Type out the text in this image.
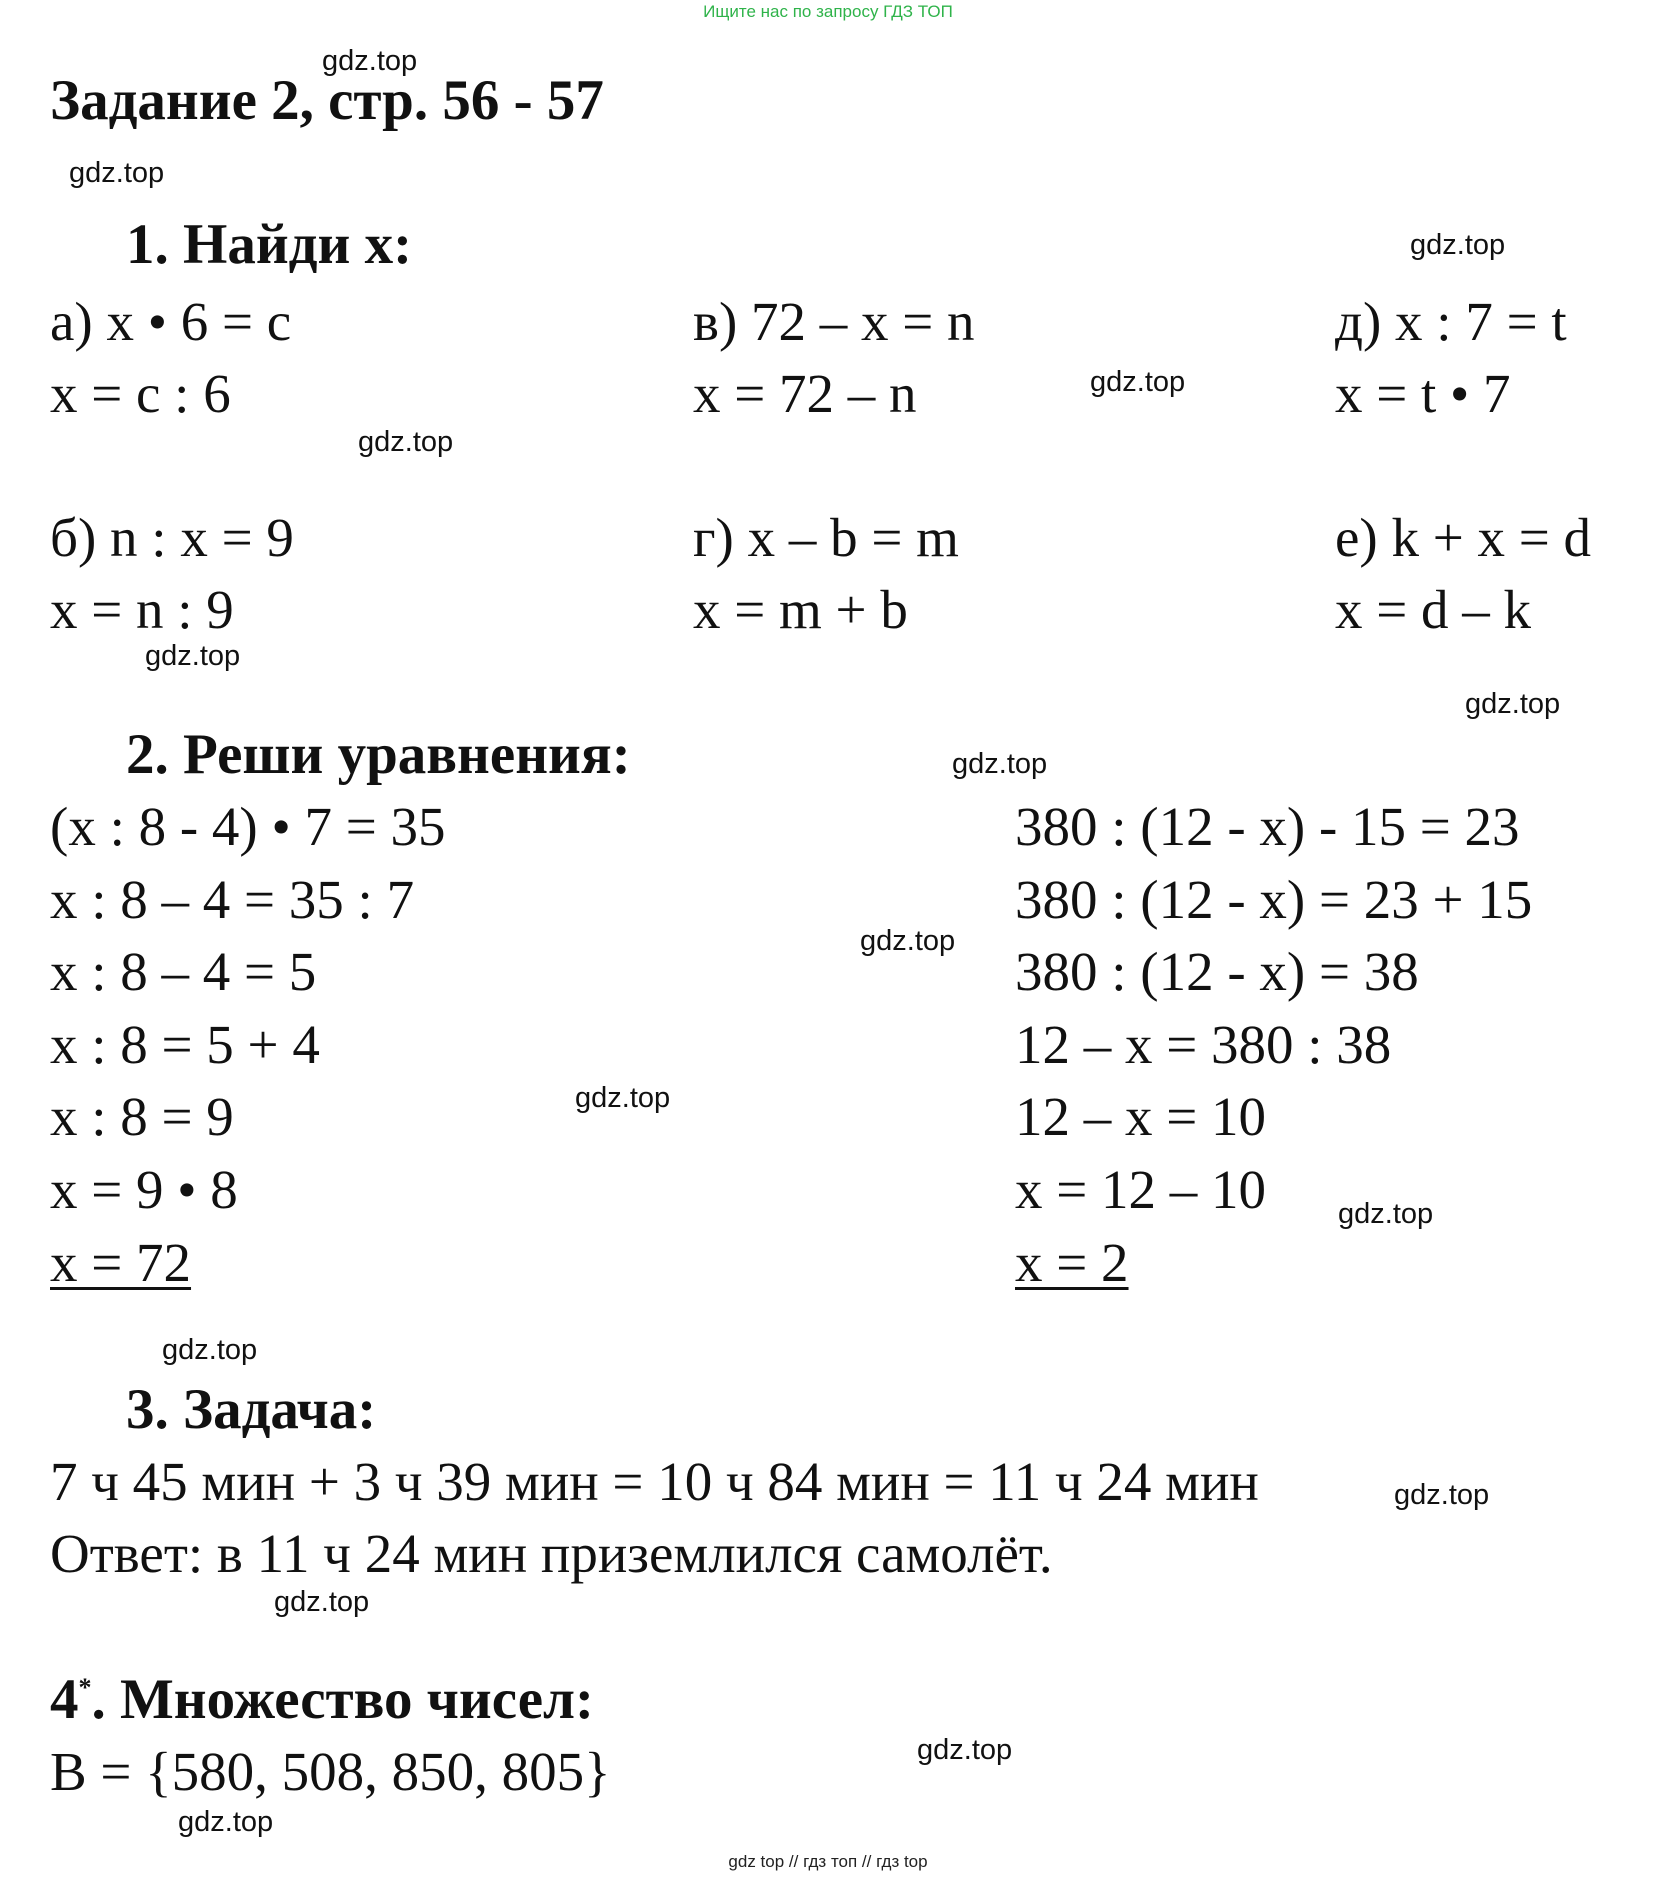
Ищите нас по запросу ГДЗ ТОП
Задание 2, стр. 56 - 57
1. Найди х:
а) х • 6 = с
х = с : 6
в) 72 – х = n
х = 72 – n
д) х : 7 = t
х = t • 7
б) n : х = 9
х = n : 9
г) х – b = m
х = m + b
е) k + х = d
х = d – k
2. Реши уравнения:
(х : 8 - 4) • 7 = 35
х : 8 – 4 = 35 : 7
х : 8 – 4 = 5
х : 8 = 5 + 4
х : 8 = 9
х = 9 • 8
х = 72
380 : (12 - х) - 15 = 23
380 : (12 - х) = 23 + 15
380 : (12 - х) = 38
12 – х = 380 : 38
12 – х = 10
х = 12 – 10
х = 2
3. Задача:
7 ч 45 мин + 3 ч 39 мин = 10 ч 84 мин = 11 ч 24 мин
Ответ: в 11 ч 24 мин приземлился самолёт.
4*. Множество чисел:
В = {580, 508, 850, 805}
gdz.top
gdz.top
gdz.top
gdz.top
gdz.top
gdz.top
gdz.top
gdz.top
gdz.top
gdz.top
gdz.top
gdz.top
gdz.top
gdz.top
gdz.top
gdz.top
gdz top // гдз топ // гдз top
